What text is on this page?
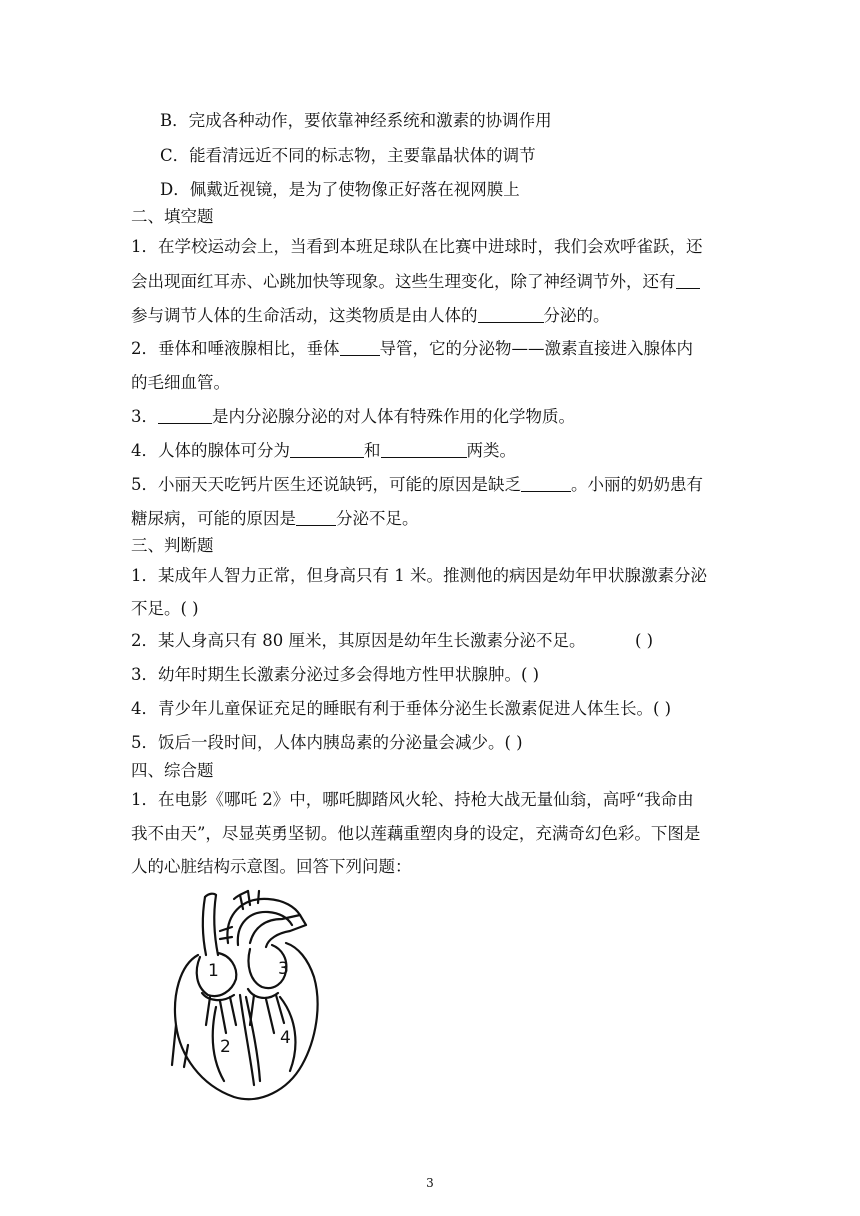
B．完成各种动作，要依靠神经系统和激素的协调作用
C．能看清远近不同的标志物，主要靠晶状体的调节
D．佩戴近视镜，是为了使物像正好落在视网膜上
二、填空题
1．在学校运动会上，当看到本班足球队在比赛中进球时，我们会欢呼雀跃，还
会出现面红耳赤、心跳加快等现象。这些生理变化，除了神经调节外，还有
参与调节人体的生命活动，这类物质是由人体的	分泌的。
2．垂体和唾液腺相比，垂体 导管，它的分泌物——激素直接进入腺体内
的毛细血管。
3．	是内分泌腺分泌的对人体有特殊作用的化学物质。
4．人体的腺体可分为	和	两类。
5．小丽天天吃钙片医生还说缺钙，可能的原因是缺乏	。小丽的奶奶患有
糖尿病，可能的原因是 分泌不足。
三、判断题
1．某成年人智力正常，但身高只有 1 米。推测他的病因是幼年甲状腺激素分泌
不足。( )
2．某人身高只有 80 厘米，其原因是幼年生长激素分泌不足。	( )
3．幼年时期生长激素分泌过多会得地方性甲状腺肿。( )
4．青少年儿童保证充足的睡眠有利于垂体分泌生长激素促进人体生长。( )
5．饭后一段时间，人体内胰岛素的分泌量会减少。( )
四、综合题
1．在电影《哪吒 2》中，哪吒脚踏风火轮、持枪大战无量仙翁，高呼“我命由
我不由天”，尽显英勇坚韧。他以莲藕重塑肉身的设定，充满奇幻色彩。下图是
人的心脏结构示意图。回答下列问题：
1
2
3
4
3
